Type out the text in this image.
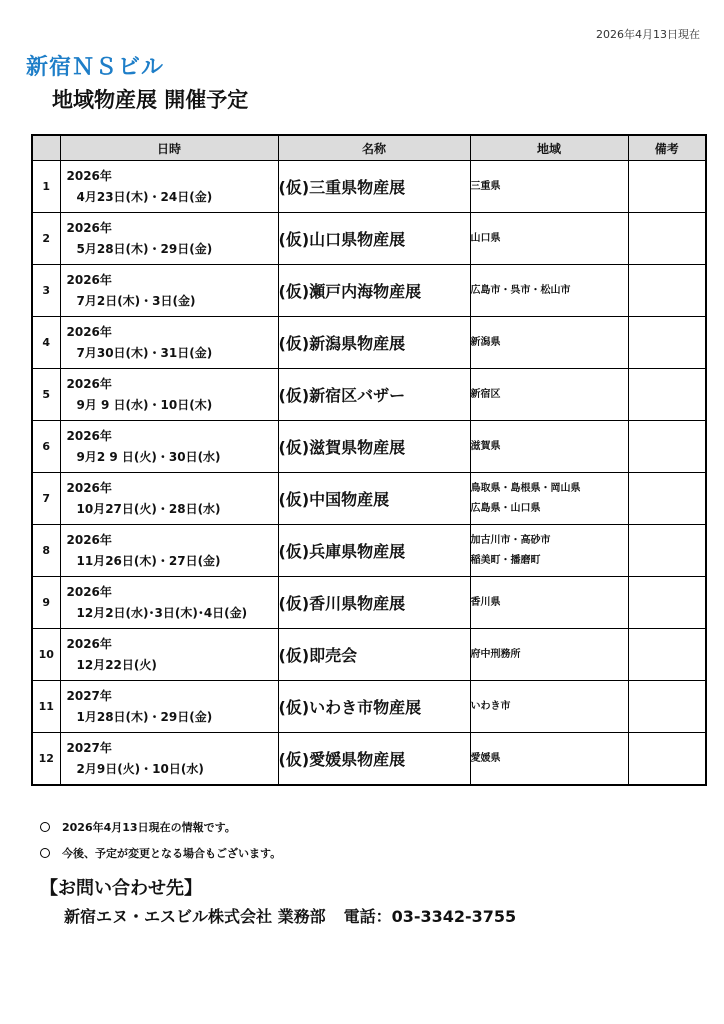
2026年4月13日現在
新宿ＮＳビル
地域物産展 開催予定
	日時	名称	地域	備考
1	2026年
4月23日(木)・24日(金)	(仮)三重県物産展	三重県	

2	2026年
5月28日(木)・29日(金)	(仮)山口県物産展	山口県	

3	2026年
7月2日(木)・3日(金)	(仮)瀬戸内海物産展	広島市・呉市・松山市	

4	2026年
7月30日(木)・31日(金)	(仮)新潟県物産展	新潟県	

5	2026年
9月 9 日(水)・10日(木)	(仮)新宿区バザー	新宿区	

6	2026年
9月2 9 日(火)・30日(水)	(仮)滋賀県物産展	滋賀県	

7	2026年
10月27日(火)・28日(水)	(仮)中国物産展	鳥取県・島根県・岡山県
広島県・山口県	

8	2026年
11月26日(木)・27日(金)	(仮)兵庫県物産展	加古川市・高砂市
稲美町・播磨町	

9	2026年
12月2日(水)･3日(木)･4日(金)	(仮)香川県物産展	香川県	

10	2026年
12月22日(火)	(仮)即売会	府中刑務所	

11	2027年
1月28日(木)・29日(金)	(仮)いわき市物産展	いわき市	

12	2027年
2月9日(火)・10日(水)	(仮)愛媛県物産展	愛媛県	

2026年4月13日現在の情報です。
今後、予定が変更となる場合もございます。
【お問い合わせ先】
新宿エヌ・エスビル株式会社 業務部 電話：03-3342-3755
